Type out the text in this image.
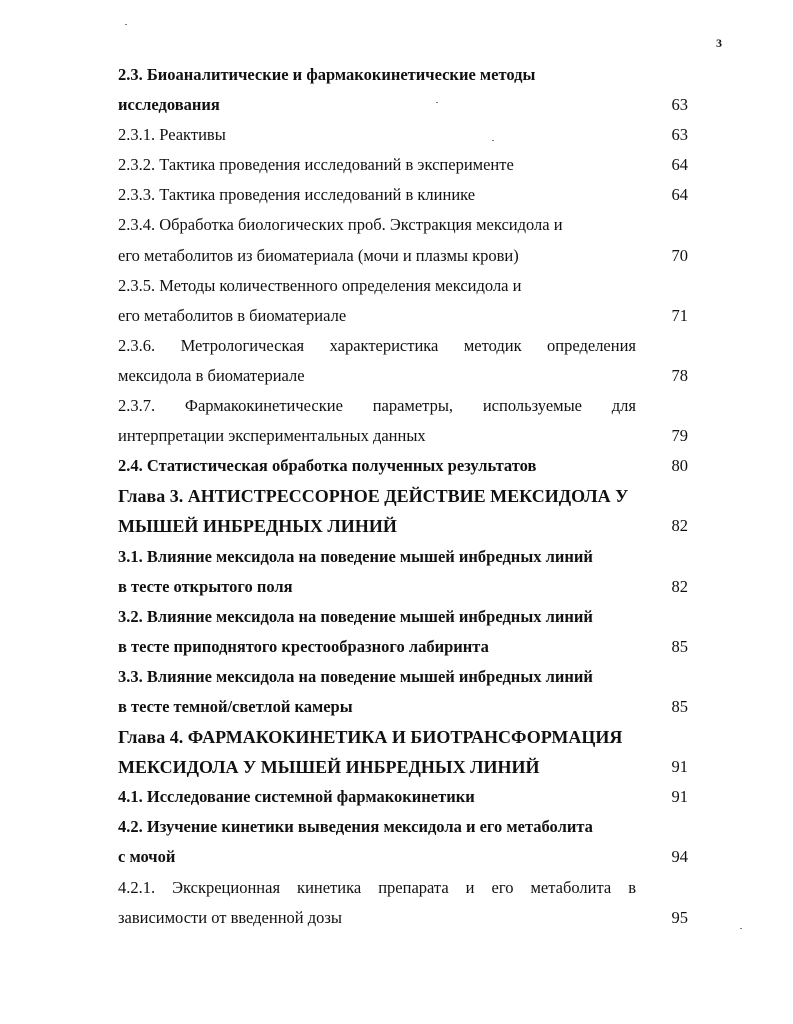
3
2.3. Биоаналитические и фармакокинетические методы
исследования	63
2.3.1. Реактивы	63
2.3.2. Тактика проведения исследований в эксперименте	64
2.3.3. Тактика проведения исследований в клинике	64
2.3.4. Обработка биологических проб. Экстракция мексидола и
его метаболитов из биоматериала (мочи и плазмы крови)	70
2.3.5. Методы количественного определения мексидола и
его метаболитов в биоматериале	71
2.3.6. Метрологическая характеристика методик определения
мексидола в биоматериале	78
2.3.7. Фармакокинетические параметры, используемые для
интерпретации экспериментальных данных	79
2.4. Статистическая обработка полученных результатов	80
Глава 3. АНТИСТРЕССОРНОЕ ДЕЙСТВИЕ МЕКСИДОЛА У
МЫШЕЙ ИНБРЕДНЫХ ЛИНИЙ	82
3.1. Влияние мексидола на поведение мышей инбредных линий
в тесте открытого поля	82
3.2. Влияние мексидола на поведение мышей инбредных линий
в тесте приподнятого крестообразного лабиринта	85
3.3. Влияние мексидола на поведение мышей инбредных линий
в тесте темной/светлой камеры	85
Глава 4. ФАРМАКОКИНЕТИКА И БИОТРАНСФОРМАЦИЯ
МЕКСИДОЛА У МЫШЕЙ ИНБРЕДНЫХ ЛИНИЙ	91
4.1. Исследование системной фармакокинетики	91
4.2. Изучение кинетики выведения мексидола и его метаболита
с мочой	94
4.2.1. Экскреционная кинетика препарата и его метаболита в
зависимости от введенной дозы	95
